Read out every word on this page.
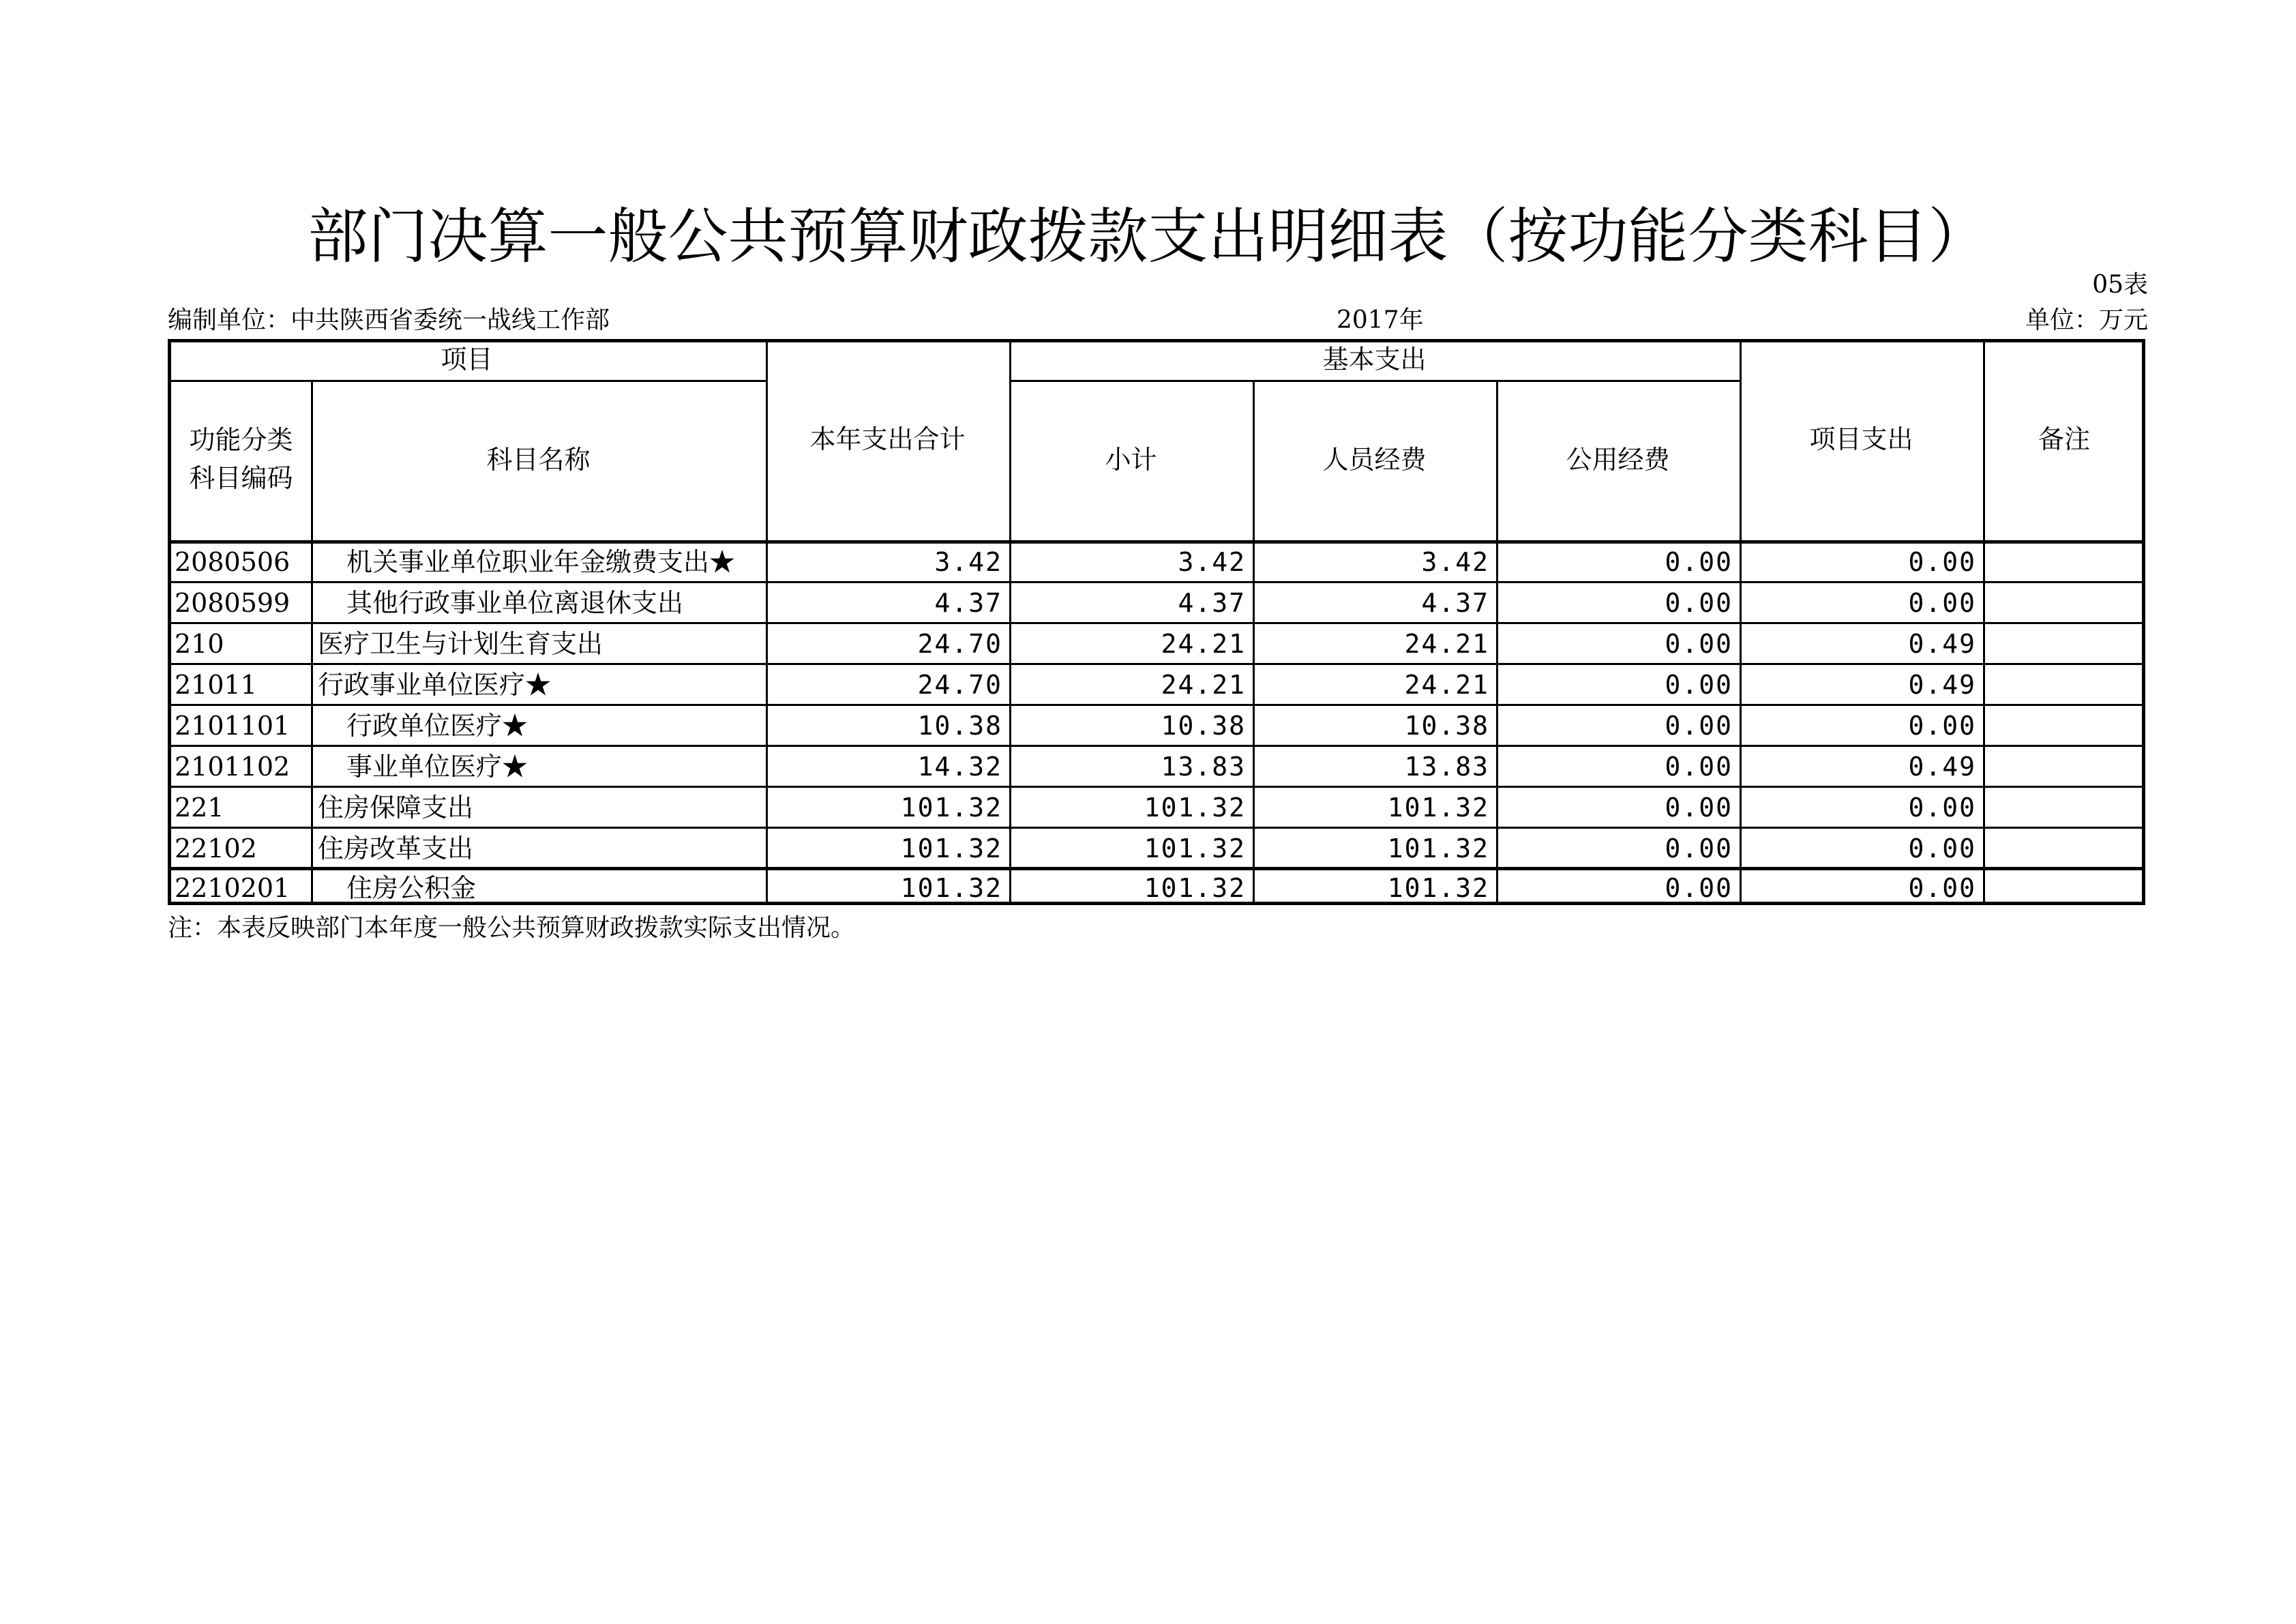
部门决算一般公共预算财政拨款支出明细表（按功能分类科目）
05表
编制单位：中共陕西省委统一战线工作部	2017年	单位：万元
项目
功能分类科目编码
科目名称
本年支出合计
基本支出
小计	人员经费	公用经费
项目支出	备注
2080506	机关事业单位职业年金缴费支出★	3.42	3.42	3.42	0.00	0.00
2080599	其他行政事业单位离退休支出	4.37	4.37	4.37	0.00	0.00
210	医疗卫生与计划生育支出	24.70	24.21	24.21	0.00	0.49
21011	行政事业单位医疗★	24.70	24.21	24.21	0.00	0.49
2101101	行政单位医疗★	10.38	10.38	10.38	0.00	0.00
2101102	事业单位医疗★	14.32	13.83	13.83	0.00	0.49
221	住房保障支出	101.32	101.32	101.32	0.00	0.00
22102	住房改革支出	101.32	101.32	101.32	0.00	0.00
2210201	住房公积金	101.32	101.32	101.32	0.00	0.00
注：本表反映部门本年度一般公共预算财政拨款实际支出情况。
